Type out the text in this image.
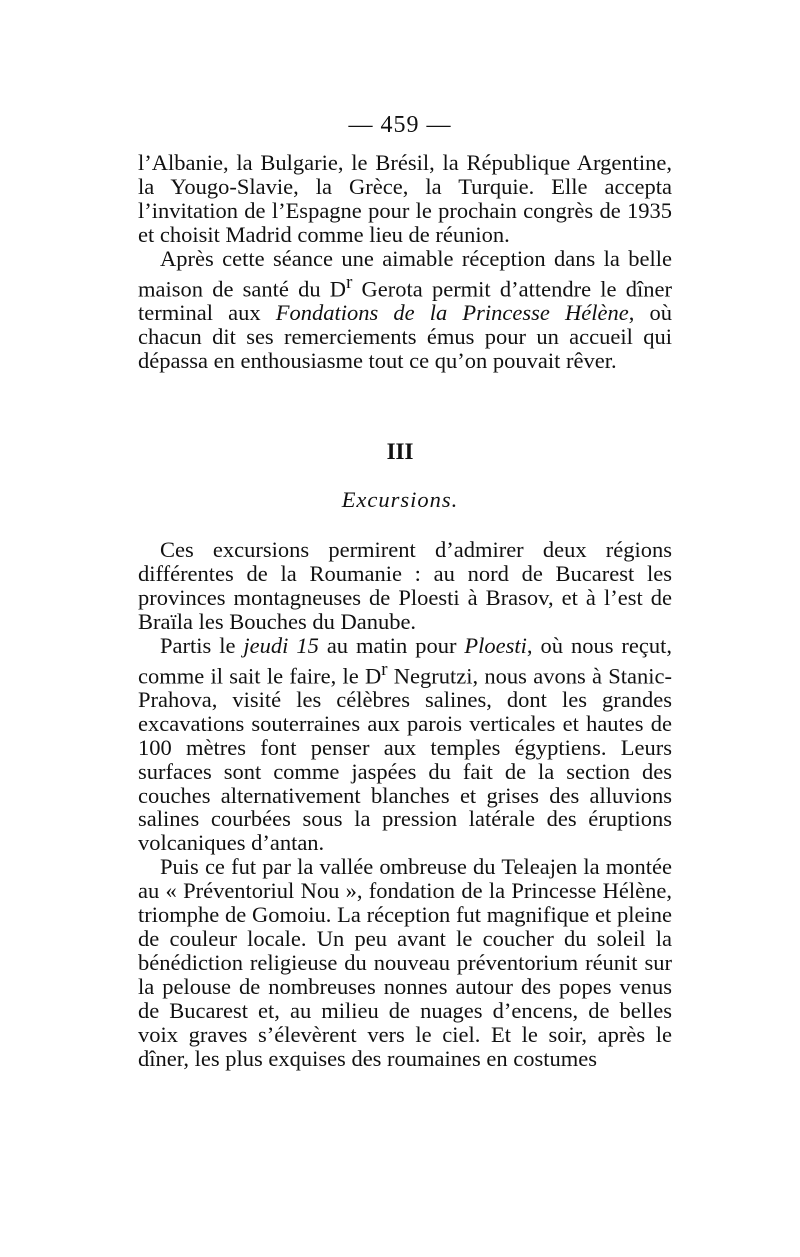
— 459 —

l’Albanie, la Bulgarie, le Brésil, la République Argentine, la Yougo-Slavie, la Grèce, la Turquie. Elle accepta l’invitation de l’Espagne pour le prochain congrès de 1935 et choisit Madrid comme lieu de réunion.

Après cette séance une aimable réception dans la belle maison de santé du $D^r$ Gerota permit d’attendre le dîner terminal aux Fondations de la Princesse Hélène, où chacun dit ses remerciements émus pour un accueil qui dépassa en enthousiasme tout ce qu’on pouvait rêver.

III
Excursions.

Ces excursions permirent d’admirer deux régions différentes de la Roumanie : au nord de Bucarest les provinces montagneuses de Ploesti à Brasov, et à l’est de Braïla les Bouches du Danube.

Partis le jeudi 15 au matin pour Ploesti, où nous reçut, comme il sait le faire, le $D^r$ Negrutzi, nous avons à Stanic-Prahova, visité les célèbres salines, dont les grandes excavations souterraines aux parois verticales et hautes de 100 mètres font penser aux temples égyptiens. Leurs surfaces sont comme jaspées du fait de la section des couches alternativement blanches et grises des alluvions salines courbées sous la pression latérale des éruptions volcaniques d’antan.

Puis ce fut par la vallée ombreuse du Teleajen la montée au « Préventoriul Nou », fondation de la Princesse Hélène, triomphe de Gomoiu. La réception fut magnifique et pleine de couleur locale. Un peu avant le coucher du soleil la bénédiction religieuse du nouveau préventorium réunit sur la pelouse de nombreuses nonnes autour des popes venus de Bucarest et, au milieu de nuages d’encens, de belles voix graves s’élevèrent vers le ciel. Et le soir, après le dîner, les plus exquises des roumaines en costumes
